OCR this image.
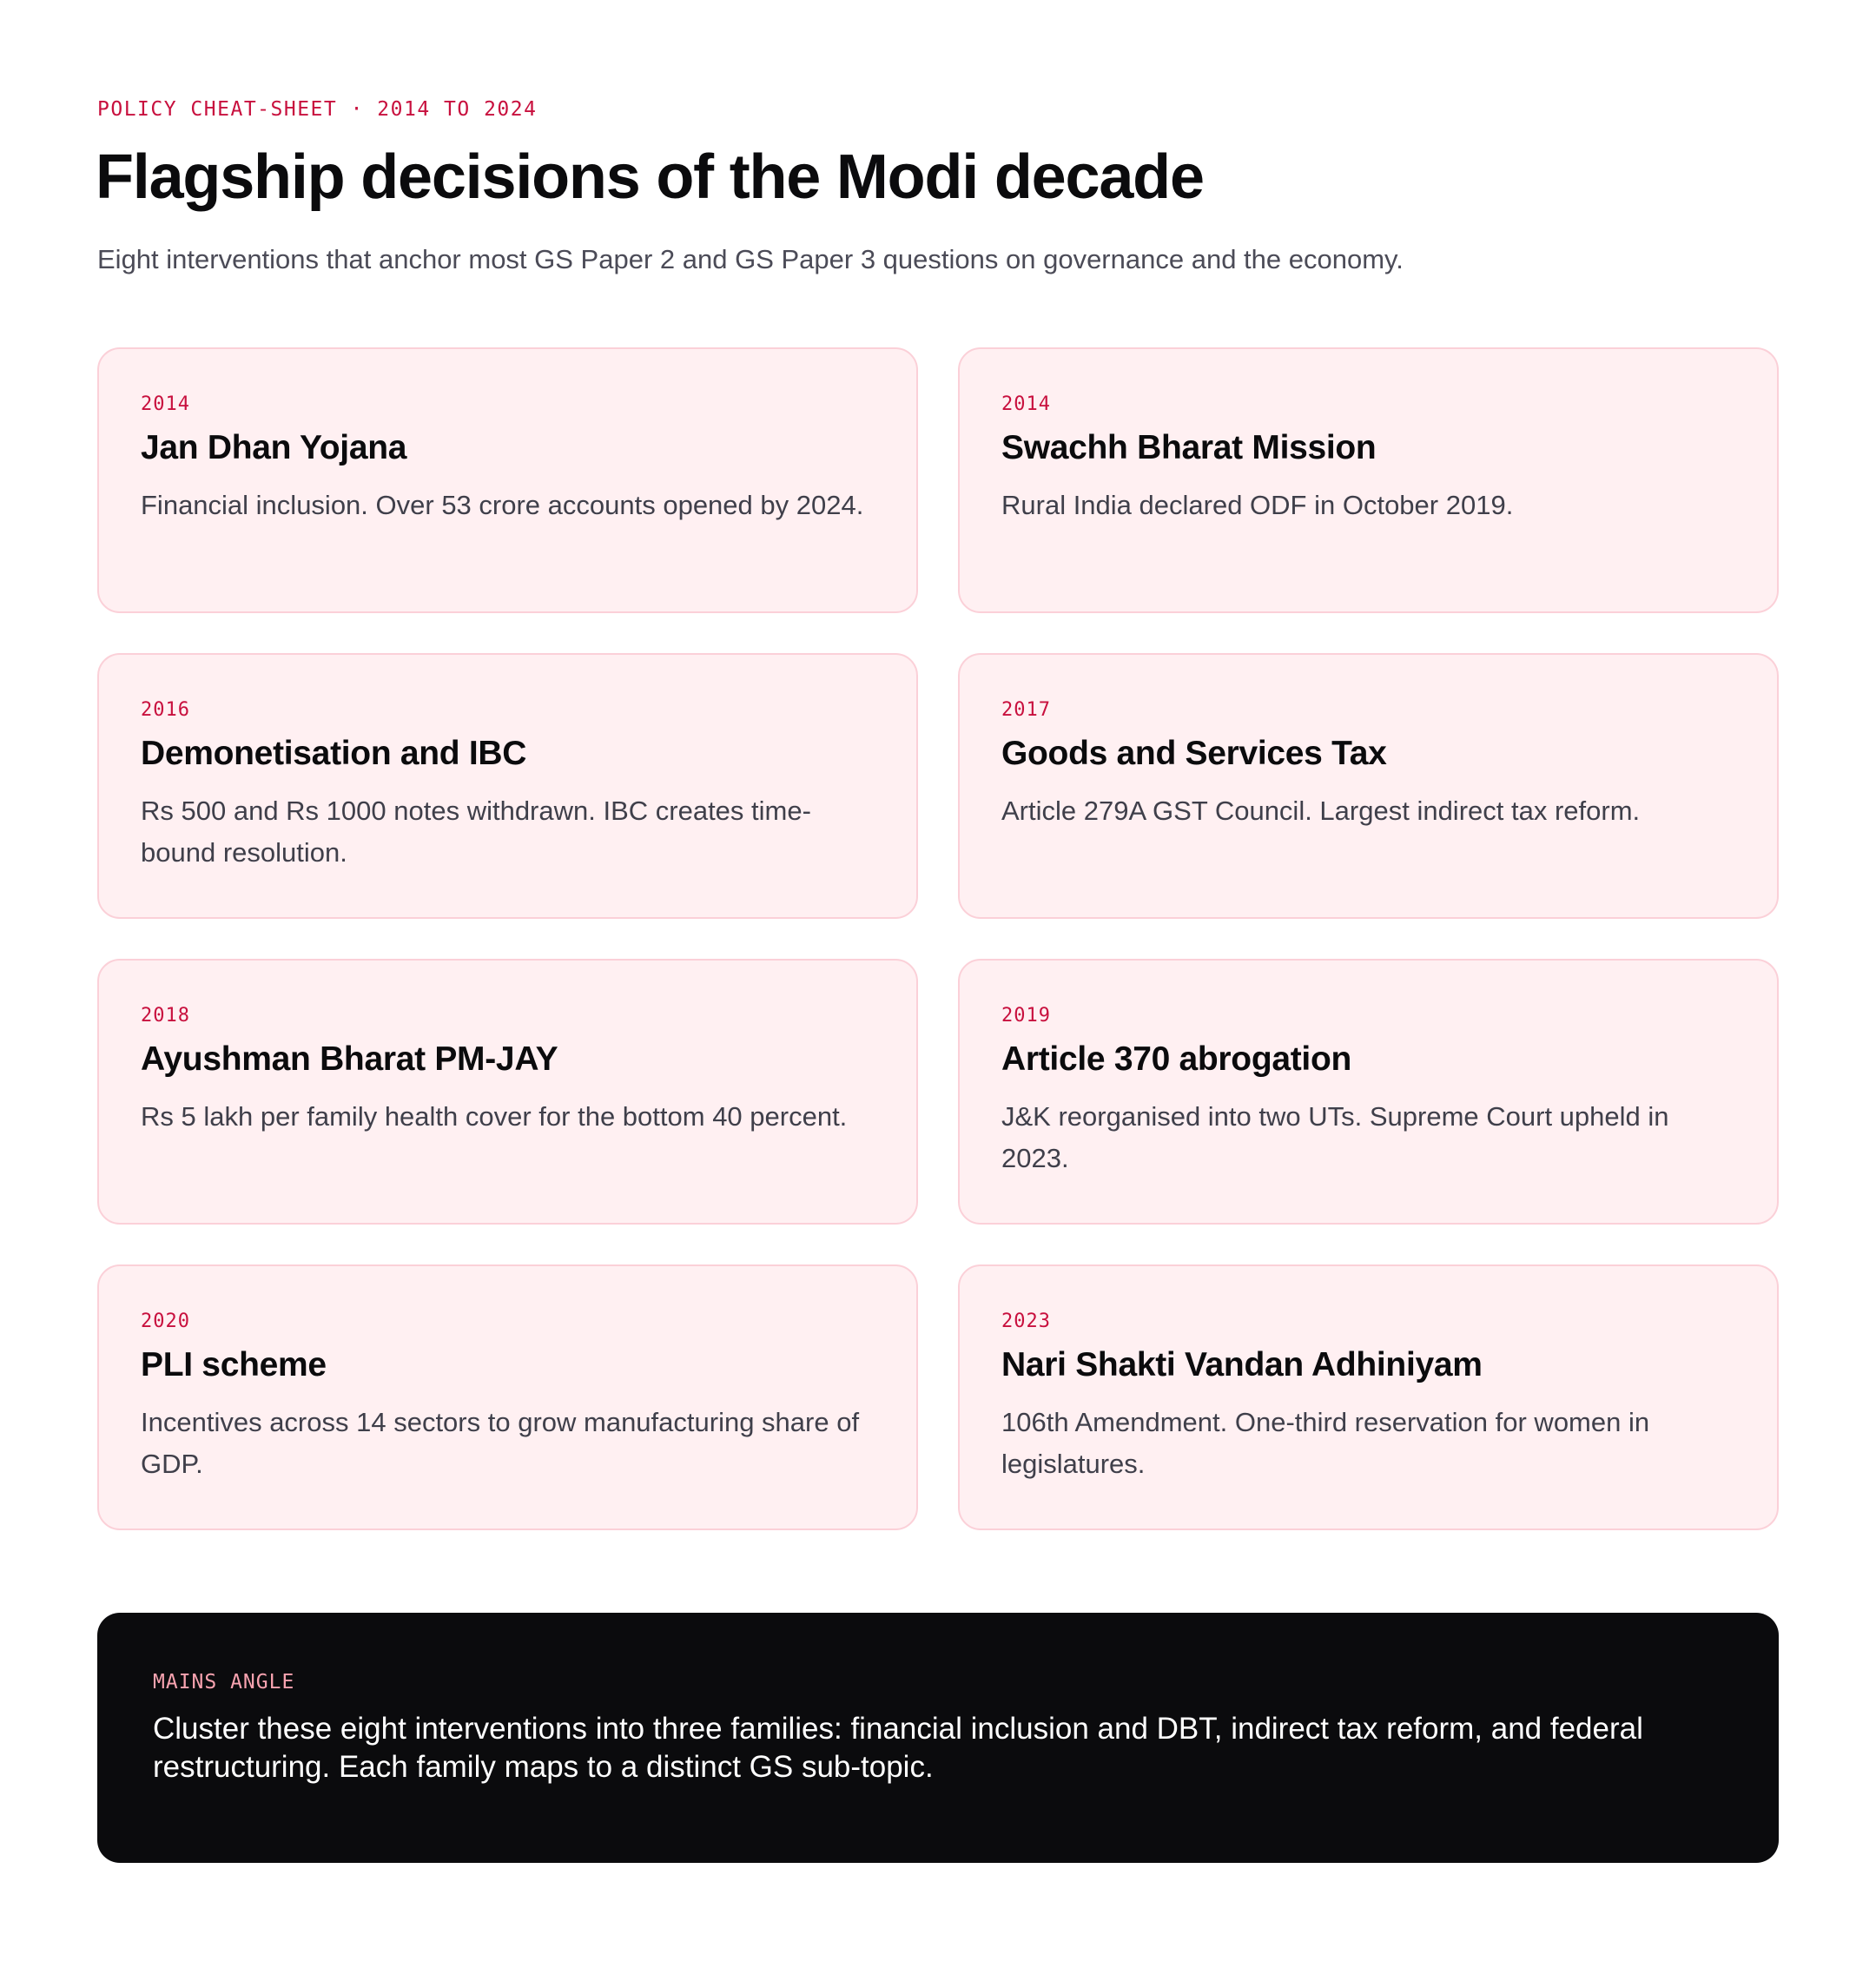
POLICY CHEAT-SHEET · 2014 TO 2024
Flagship decisions of the Modi decade

Eight interventions that anchor most GS Paper 2 and GS Paper 3 questions on governance and the economy.

2014
Jan Dhan Yojana
Financial inclusion. Over 53 crore accounts opened by 2024.
2014
Swachh Bharat Mission
Rural India declared ODF in October 2019.
2016
Demonetisation and IBC
Rs 500 and Rs 1000 notes withdrawn. IBC creates time-bound resolution.
2017
Goods and Services Tax
Article 279A GST Council. Largest indirect tax reform.
2018
Ayushman Bharat PM-JAY
Rs 5 lakh per family health cover for the bottom 40 percent.
2019
Article 370 abrogation
J&K reorganised into two UTs. Supreme Court upheld in 2023.
2020
PLI scheme
Incentives across 14 sectors to grow manufacturing share of GDP.
2023
Nari Shakti Vandan Adhiniyam
106th Amendment. One-third reservation for women in legislatures.
MAINS ANGLE
Cluster these eight interventions into three families: financial inclusion and DBT, indirect tax reform, and federal restructuring. Each family maps to a distinct GS sub-topic.
